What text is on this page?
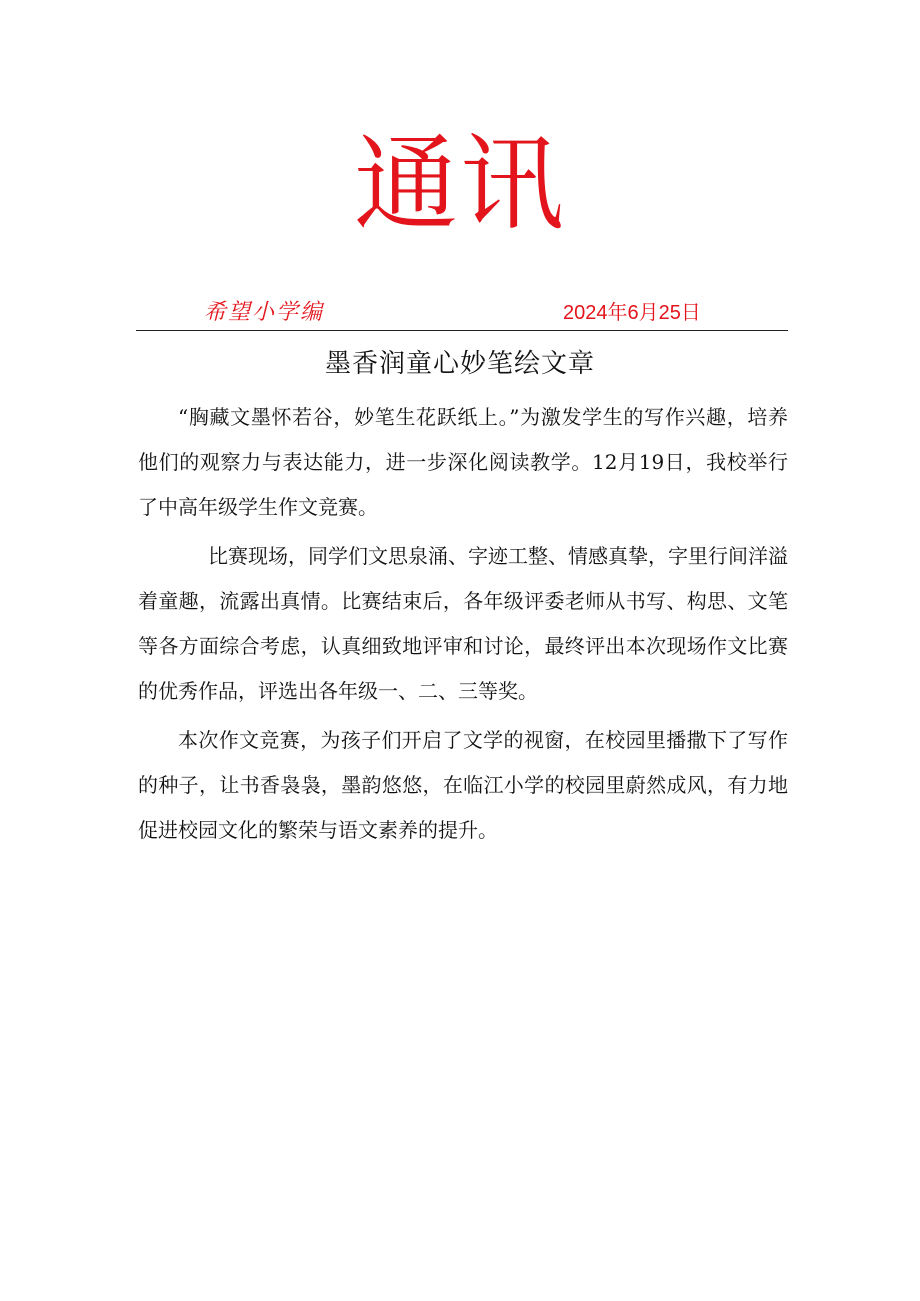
通讯
希望小学编	2024年6月25日
墨香润童心妙笔绘文章

“胸藏文墨怀若谷，妙笔生花跃纸上。”为激发学生的写作兴趣，培养他们的观察力与表达能力，进一步深化阅读教学。12月19日，我校举行了中高年级学生作文竞赛。

比赛现场，同学们文思泉涌、字迹工整、情感真挚，字里行间洋溢着童趣，流露出真情。比赛结束后，各年级评委老师从书写、构思、文笔等各方面综合考虑，认真细致地评审和讨论，最终评出本次现场作文比赛的优秀作品，评选出各年级一、二、三等奖。

本次作文竞赛，为孩子们开启了文学的视窗，在校园里播撒下了写作的种子，让书香袅袅，墨韵悠悠，在临江小学的校园里蔚然成风，有力地促进校园文化的繁荣与语文素养的提升。
